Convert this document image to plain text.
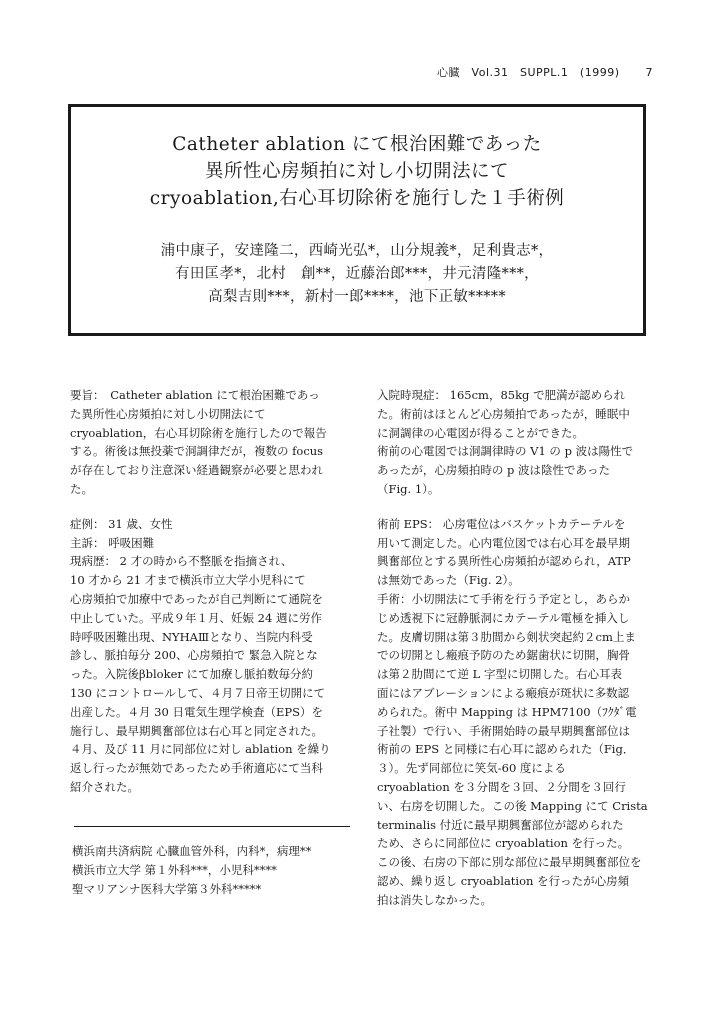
心臓　Vol.31　SUPPL.1　(1999) 7
Catheter ablation にて根治困難であった
異所性心房頻拍に対し小切開法にて
cryoablation,右心耳切除術を施行した１手術例
浦中康子，安達隆二，西崎光弘*，山分規義*，足利貴志*，
有田匡孝*，北村　創**，近藤治郎***，井元清隆***，
高梨吉則***，新村一郎****，池下正敏*****
要旨：　Catheter ablation にて根治困難であっ
た異所性心房頻拍に対し小切開法にて
cryoablation，右心耳切除術を施行したので報告
する。術後は無投薬で洞調律だが，複数の focus
が存在しており注意深い経過観察が必要と思われ
た。
症例： 31 歳、女性
主訴： 呼吸困難
現病歴： 2 才の時から不整脈を指摘され、
10 才から 21 才まで横浜市立大学小児科にて
心房頻拍で加療中であったが自己判断にて通院を
中止していた。平成９年１月、妊娠 24 週に労作
時呼吸困難出現、NYHAⅢとなり、当院内科受
診し、脈拍毎分 200、心房頻拍で 緊急入院とな
った。入院後βbloker にて加療し脈拍数毎分約
130 にコントロールして、４月７日帝王切開にて
出産した。４月 30 日電気生理学検査（EPS）を
施行し、最早期興奮部位は右心耳と同定された。
４月、及び 11 月に同部位に対し ablation を繰り
返し行ったが無効であったため手術適応にて当科
紹介された。
横浜南共済病院 心臓血管外科，内科*，病理**
横浜市立大学 第１外科***，小児科****
聖マリアンナ医科大学第３外科*****
入院時現症： 165cm，85kg で肥満が認められ
た。術前はほとんど心房頻拍であったが，睡眠中
に洞調律の心電図が得ることができた。
術前の心電図では洞調律時の V1 の p 波は陽性で
あったが，心房頻拍時の p 波は陰性であった
（Fig. 1）。
術前 EPS： 心房電位はバスケットカテーテルを
用いて測定した。心内電位図では右心耳を最早期
興奮部位とする異所性心房頻拍が認められ，ATP
は無効であった（Fig. 2）。
手術：小切開法にて手術を行う予定とし，あらか
じめ透視下に冠静脈洞にカテーテル電極を挿入し
た。皮膚切開は第３肋間から剣状突起約２cm上ま
での切開とし瘢痕予防のため鋸歯状に切開，胸骨
は第２肋間にて逆 L 字型に切開した。右心耳表
面にはアブレーションによる瘢痕が斑状に多数認
められた。術中 Mapping は HPM7100（ﾌｸﾀﾞ電
子社製）で行い、手術開始時の最早期興奮部位は
術前の EPS と同様に右心耳に認められた（Fig．
３）。先ず同部位に笑気-60 度による
cryoablation を３分間を３回、２分間を３回行
い、右房を切開した。この後 Mapping にて Crista
terminalis 付近に最早期興奮部位が認められた
ため、さらに同部位に cryoablation を行った。
この後、右房の下部に別な部位に最早期興奮部位を
認め、繰り返し cryoablation を行ったが心房頻
拍は消失しなかった。
